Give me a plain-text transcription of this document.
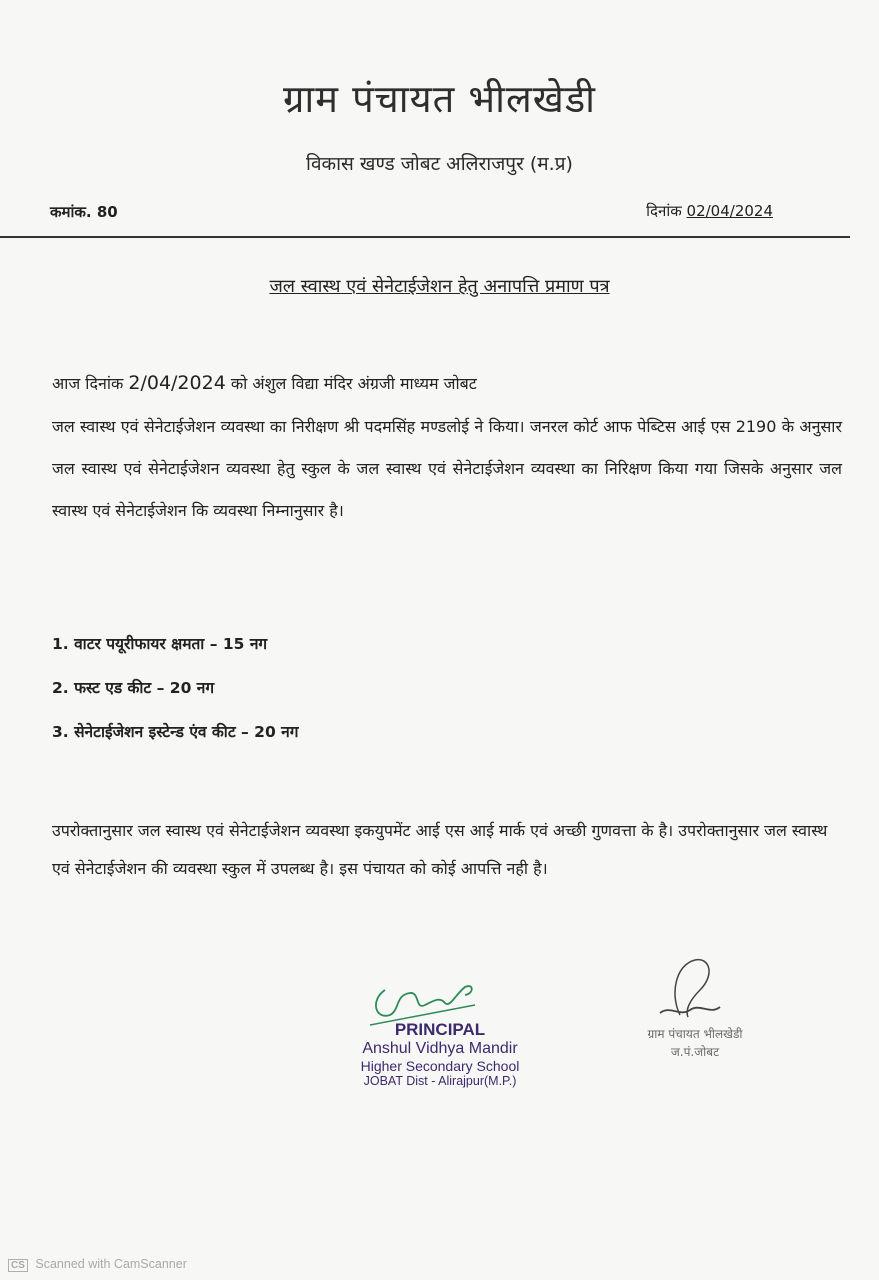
ग्राम पंचायत भीलखेडी
विकास खण्ड जोबट अलिराजपुर (म.प्र)
कमांक. 80	दिनांक 02/04/2024
जल स्वास्थ एवं सेनेटाईजेशन हेतु अनापत्ति प्रमाण पत्र
आज दिनांक 2/04/2024 को अंशुल विद्या मंदिर अंग्रजी माध्यम जोबट
जल स्वास्थ एवं सेनेटाईजेशन व्यवस्था का निरीक्षण श्री पदमसिंह मण्डलोई ने किया। जनरल कोर्ट आफ पेब्टिस आई एस 2190 के अनुसार जल स्वास्थ एवं सेनेटाईजेशन व्यवस्था हेतु स्कुल के जल स्वास्थ एवं सेनेटाईजेशन व्यवस्था का निरिक्षण किया गया जिसके अनुसार जल स्वास्थ एवं सेनेटाईजेशन कि व्यवस्था निम्नानुसार है।
1. वाटर पयूरीफायर क्षमता – 15 नग
2. फस्ट एड कीट – 20 नग
3. सेनेटाईजेशन इस्टेन्ड एंव कीट – 20 नग
उपरोक्तानुसार जल स्वास्थ एवं सेनेटाईजेशन व्यवस्था इकयुपमेंट आई एस आई मार्क एवं अच्छी गुणवत्ता के है। उपरोक्तानुसार जल स्वास्थ एवं सेनेटाईजेशन की व्यवस्था स्कुल में उपलब्ध है। इस पंचायत को कोई आपत्ति नही है।
PRINCIPAL
Anshul Vidhya Mandir
Higher Secondary School
JOBAT Dist - Alirajpur(M.P.)
ग्राम पंचायत भीलखेडी
ज.पं.जोबट
CS Scanned with CamScanner
